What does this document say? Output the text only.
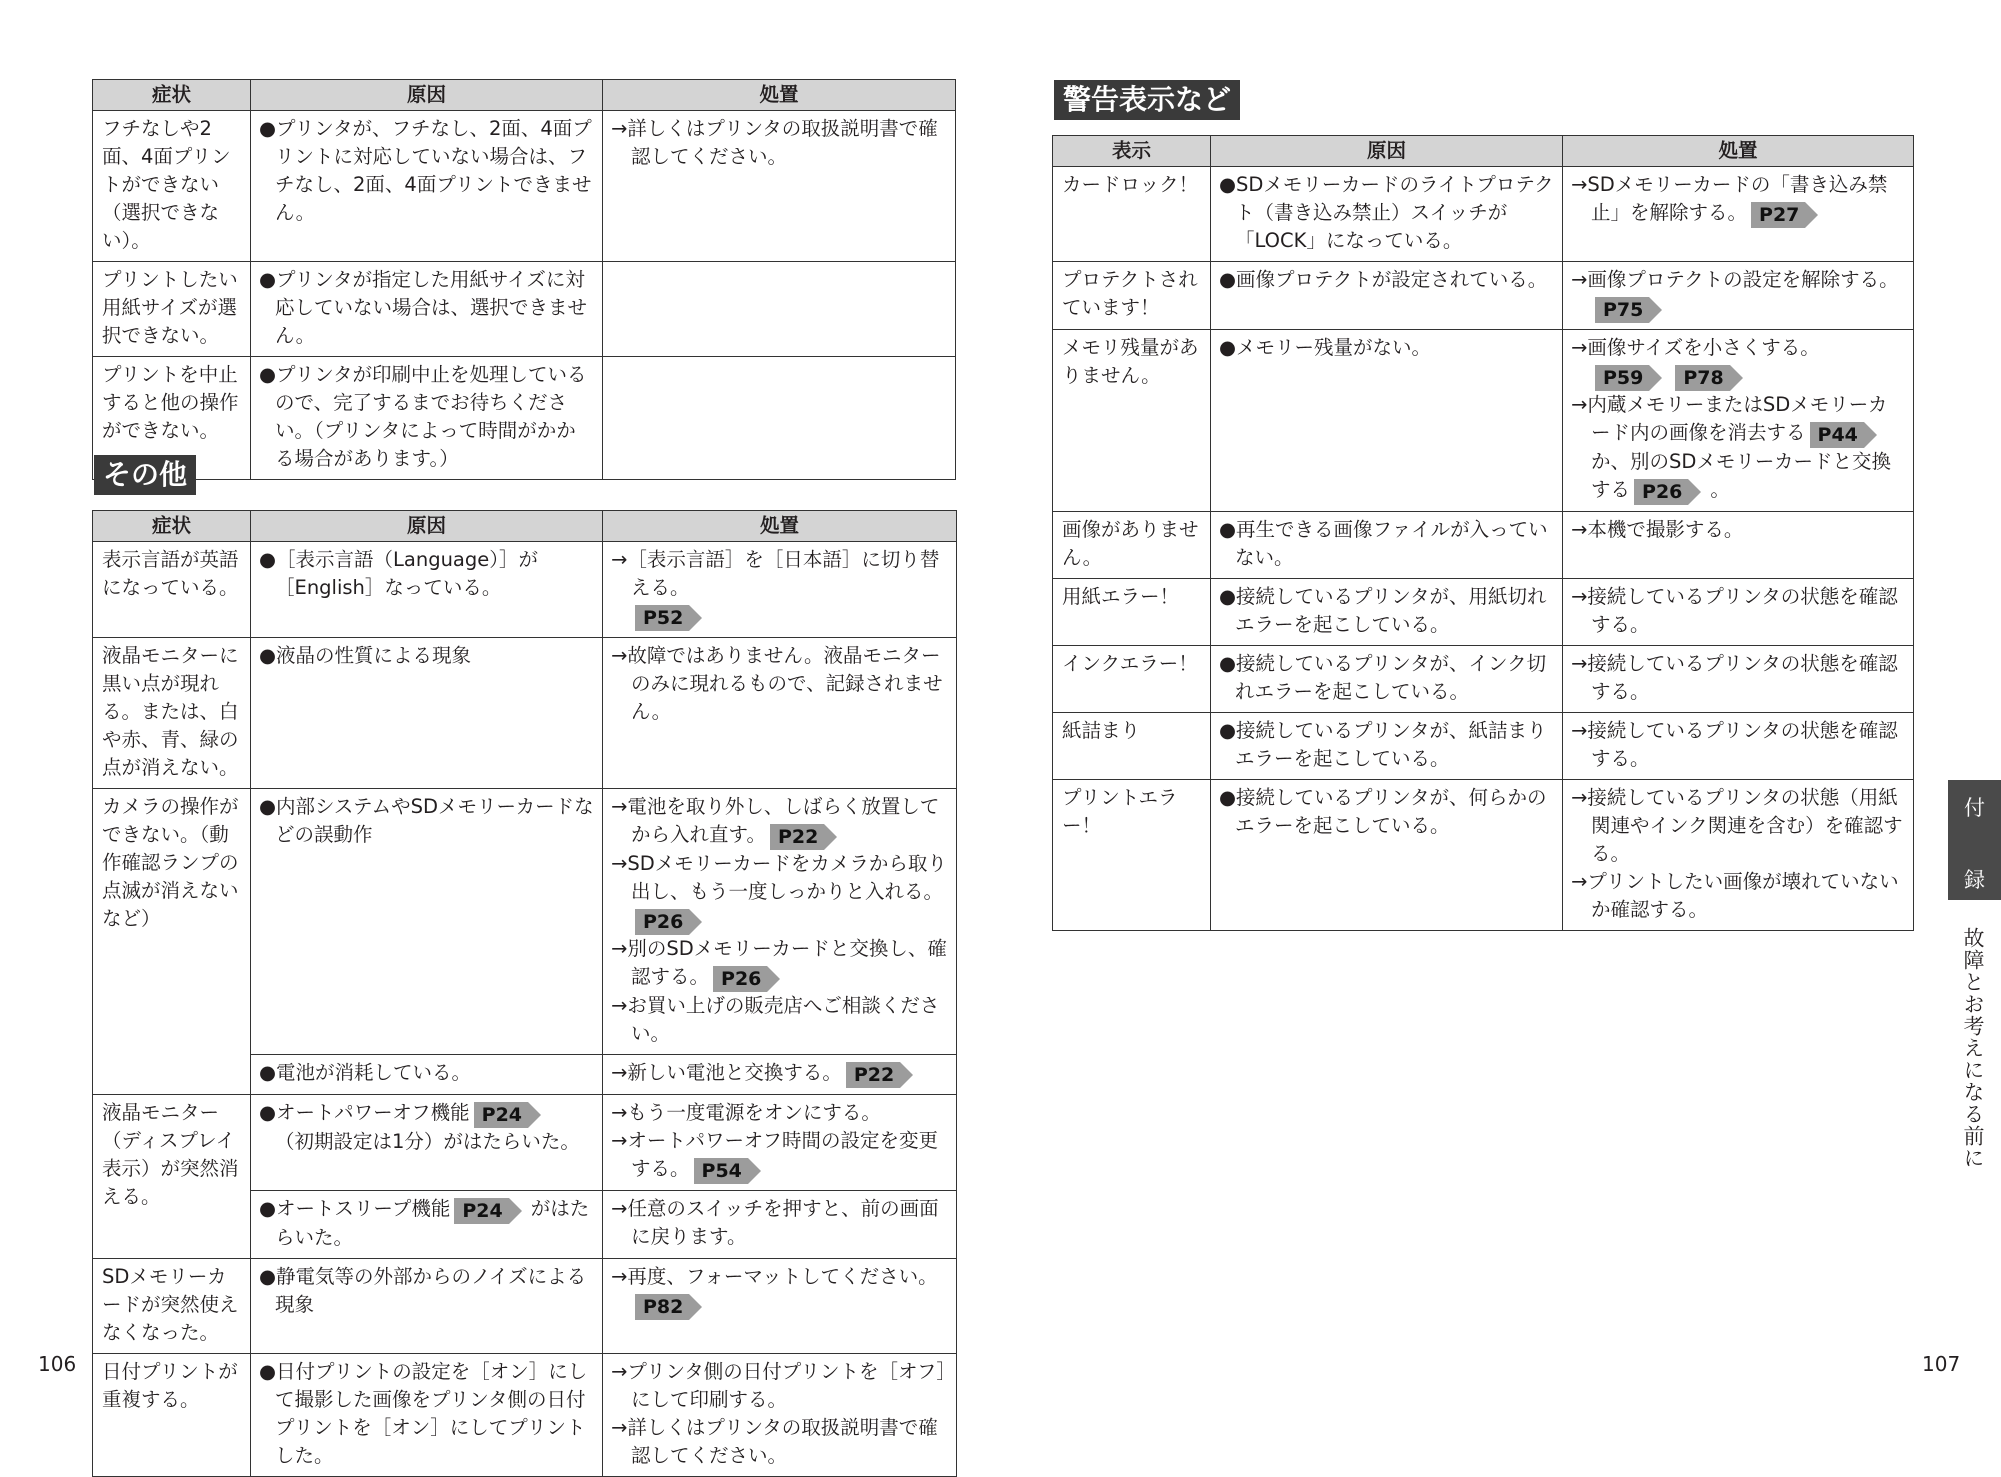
症状	原因	処置
フチなしや2面、4面プリントができない（選択できない）。	●プリンタが、フチなし、2面、4面プリントに対応していない場合は、フチなし、2面、4面プリントできません。	→詳しくはプリンタの取扱説明書で確認してください。

プリントしたい用紙サイズが選択できない。	●プリンタが指定した用紙サイズに対応していない場合は、選択できません。	

プリントを中止すると他の操作ができない。	●プリンタが印刷中止を処理しているので、完了するまでお待ちください。（プリンタによって時間がかかる場合があります。）	

その他
症状	原因	処置
表示言語が英語になっている。	●［表示言語（Language）］が［English］なっている。	→［表示言語］を［日本語］に切り替える。
P52

液晶モニターに黒い点が現れる。または、白や赤、青、緑の点が消えない。	●液晶の性質による現象	→故障ではありません。液晶モニターのみに現れるもので、記録されません。

カメラの操作ができない。（動作確認ランプの点滅が消えないなど）	●内部システムやSDメモリーカードなどの誤動作	→電池を取り外し、しばらく放置してから入れ直す。 P22
→SDメモリーカードをカメラから取り出し、もう一度しっかりと入れる。
P26
→別のSDメモリーカードと交換し、確認する。 P26
→お買い上げの販売店へご相談ください。

	●電池が消耗している。	→新しい電池と交換する。 P22

液晶モニター（ディスプレイ表示）が突然消える。	●オートパワーオフ機能 P24
（初期設定は1分）がはたらいた。	→もう一度電源をオンにする。
→オートパワーオフ時間の設定を変更する。 P54

	●オートスリープ機能 P24 がはたらいた。	→任意のスイッチを押すと、前の画面に戻ります。

SDメモリーカードが突然使えなくなった。	●静電気等の外部からのノイズによる現象	→再度、フォーマットしてください。
P82

日付プリントが重複する。	●日付プリントの設定を［オン］にして撮影した画像をプリンタ側の日付プリントを［オン］にしてプリントした。	→プリンタ側の日付プリントを［オフ］にして印刷する。
→詳しくはプリンタの取扱説明書で確認してください。
警告表示など
表示	原因	処置
カードロック！	●SDメモリーカードのライトプロテクト（書き込み禁止）スイッチが「LOCK」になっている。	→SDメモリーカードの「書き込み禁止」を解除する。 P27

プロテクトされています！	●画像プロテクトが設定されている。	→画像プロテクトの設定を解除する。
P75

メモリ残量がありません。	●メモリー残量がない。	→画像サイズを小さくする。
P59 P78
→内蔵メモリーまたはSDメモリーカード内の画像を消去する P44か、別のSDメモリーカードと交換する P26 。

画像がありません。	●再生できる画像ファイルが入っていない。	→本機で撮影する。

用紙エラー！	●接続しているプリンタが、用紙切れエラーを起こしている。	→接続しているプリンタの状態を確認する。

インクエラー！	●接続しているプリンタが、インク切れエラーを起こしている。	→接続しているプリンタの状態を確認する。

紙詰まり	●接続しているプリンタが、紙詰まりエラーを起こしている。	→接続しているプリンタの状態を確認する。

プリントエラー！	●接続しているプリンタが、何らかのエラーを起こしている。	→接続しているプリンタの状態（用紙関連やインク関連を含む）を確認する。
→プリントしたい画像が壊れていないか確認する。
付
録
故障とお考えになる前に
106	107
